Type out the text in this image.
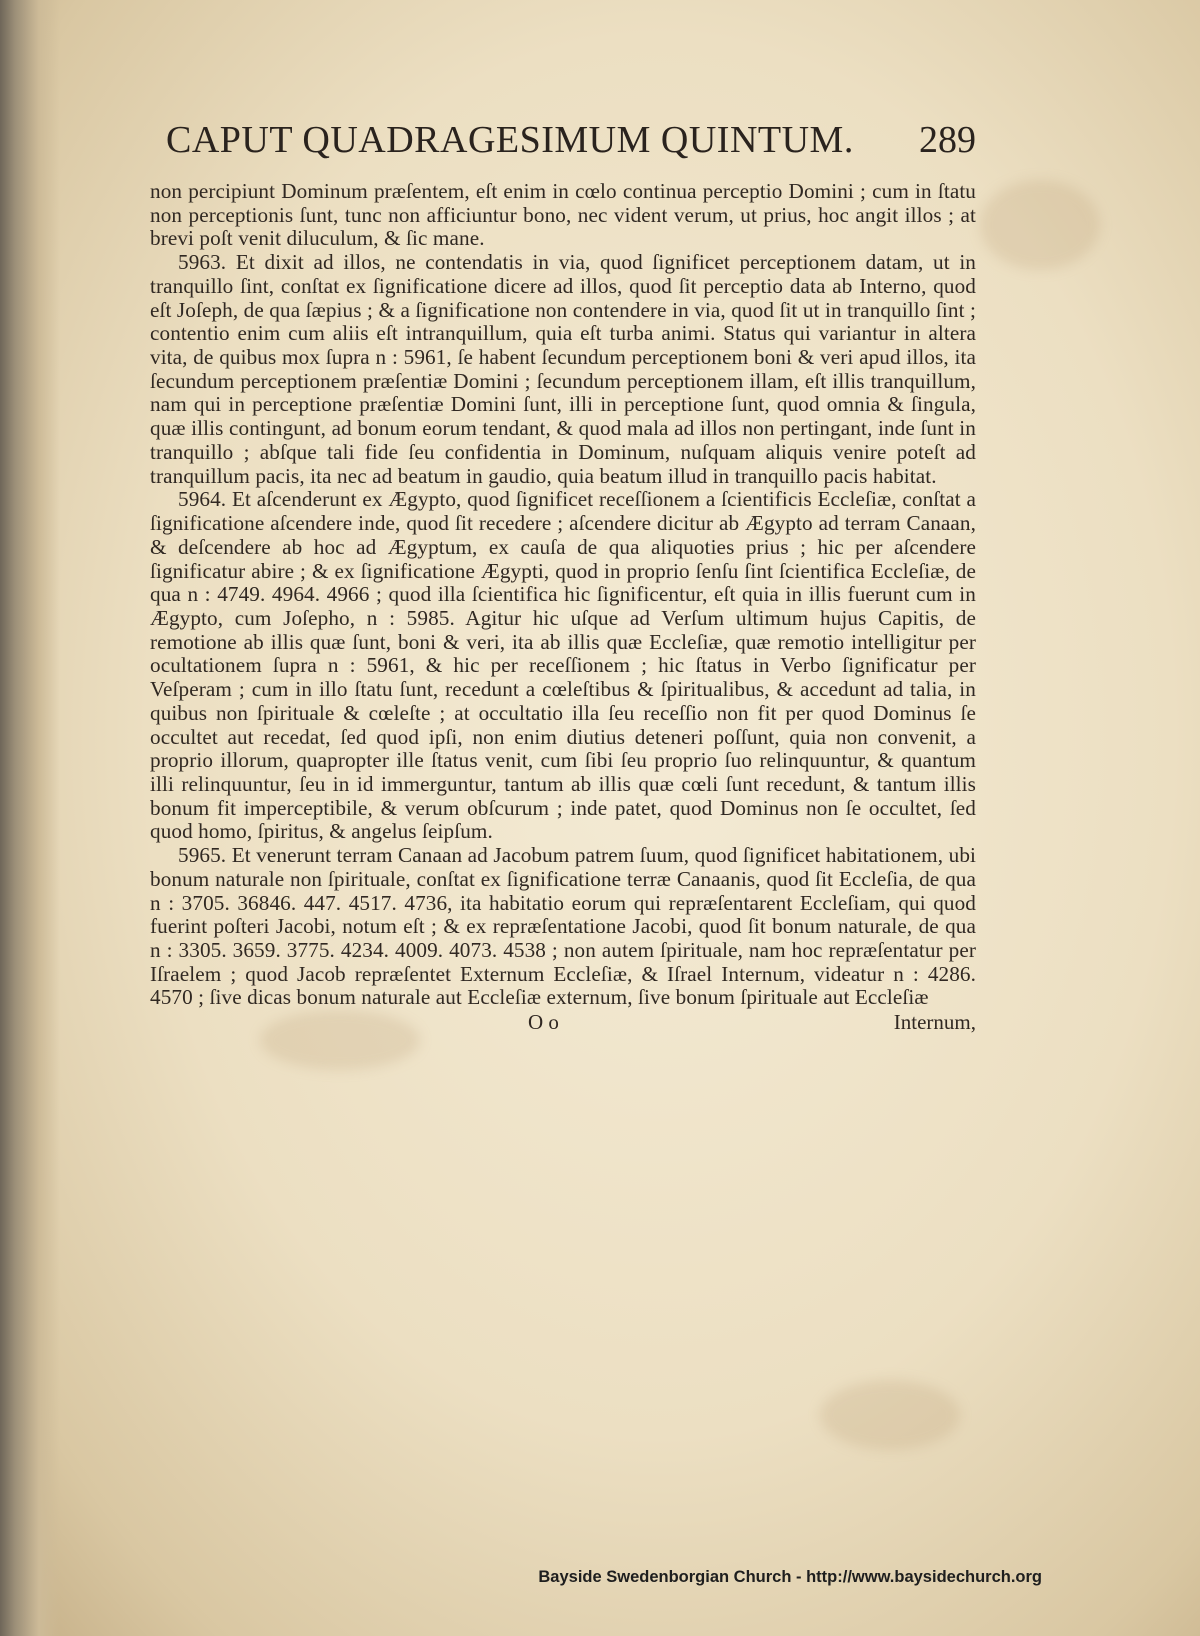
CAPUT QUADRAGESIMUM QUINTUM. 289

non percipiunt Dominum præſentem, eſt enim in cœlo continua perceptio Domini ; cum in ſtatu non perceptionis ſunt, tunc non afficiuntur bono, nec vident verum, ut prius, hoc angit illos ; at brevi poſt venit diluculum, & ſic mane.

5963. Et dixit ad illos, ne contendatis in via, quod ſignificet perceptionem datam, ut in tranquillo ſint, conſtat ex ſignificatione dicere ad illos, quod ſit perceptio data ab Interno, quod eſt Joſeph, de qua ſæpius ; & a ſignificatione non contendere in via, quod ſit ut in tranquillo ſint ; contentio enim cum aliis eſt intranquillum, quia eſt turba animi. Status qui variantur in altera vita, de quibus mox ſupra n : 5961, ſe habent ſecundum perceptionem boni & veri apud illos, ita ſecundum perceptionem præſentiæ Domini ; ſecundum perceptionem illam, eſt illis tranquillum, nam qui in perceptione præſentiæ Domini ſunt, illi in perceptione ſunt, quod omnia & ſingula, quæ illis contingunt, ad bonum eorum tendant, & quod mala ad illos non pertingant, inde ſunt in tranquillo ; abſque tali fide ſeu confidentia in Dominum, nuſquam aliquis venire poteſt ad tranquillum pacis, ita nec ad beatum in gaudio, quia beatum illud in tranquillo pacis habitat.

5964. Et aſcenderunt ex Ægypto, quod ſignificet receſſionem a ſcientificis Eccleſiæ, conſtat a ſignificatione aſcendere inde, quod ſit recedere ; aſcendere dicitur ab Ægypto ad terram Canaan, & deſcendere ab hoc ad Ægyptum, ex cauſa de qua aliquoties prius ; hic per aſcendere ſignificatur abire ; & ex ſignificatione Ægypti, quod in proprio ſenſu ſint ſcientifica Eccleſiæ, de qua n : 4749. 4964. 4966 ; quod illa ſcientifica hic ſignificentur, eſt quia in illis fuerunt cum in Ægypto, cum Joſepho, n : 5985. Agitur hic uſque ad Verſum ultimum hujus Capitis, de remotione ab illis quæ ſunt, boni & veri, ita ab illis quæ Eccleſiæ, quæ remotio intelligitur per ocultationem ſupra n : 5961, & hic per receſſionem ; hic ſtatus in Verbo ſignificatur per Veſperam ; cum in illo ſtatu ſunt, recedunt a cœleſtibus & ſpiritualibus, & accedunt ad talia, in quibus non ſpirituale & cœleſte ; at occultatio illa ſeu receſſio non fit per quod Dominus ſe occultet aut recedat, ſed quod ipſi, non enim diutius deteneri poſſunt, quia non convenit, a proprio illorum, quapropter ille ſtatus venit, cum ſibi ſeu proprio ſuo relinquuntur, & quantum illi relinquuntur, ſeu in id immerguntur, tantum ab illis quæ cœli ſunt recedunt, & tantum illis bonum fit imperceptibile, & verum obſcurum ; inde patet, quod Dominus non ſe occultet, ſed quod homo, ſpiritus, & angelus ſeipſum.

5965. Et venerunt terram Canaan ad Jacobum patrem ſuum, quod ſignificet habitationem, ubi bonum naturale non ſpirituale, conſtat ex ſignificatione terræ Canaanis, quod ſit Eccleſia, de qua n : 3705. 36846. 447. 4517. 4736, ita habitatio eorum qui repræſentarent Eccleſiam, qui quod fuerint poſteri Jacobi, notum eſt ; & ex repræſentatione Jacobi, quod ſit bonum naturale, de qua n : 3305. 3659. 3775. 4234. 4009. 4073. 4538 ; non autem ſpirituale, nam hoc repræſentatur per Iſraelem ; quod Jacob repræſentet Externum Eccleſiæ, & Iſrael Internum, videatur n : 4286. 4570 ; ſive dicas bonum naturale aut Eccleſiæ externum, ſive bonum ſpirituale aut Eccleſiæ

O o	Internum,
Bayside Swedenborgian Church - http://www.baysidechurch.org
